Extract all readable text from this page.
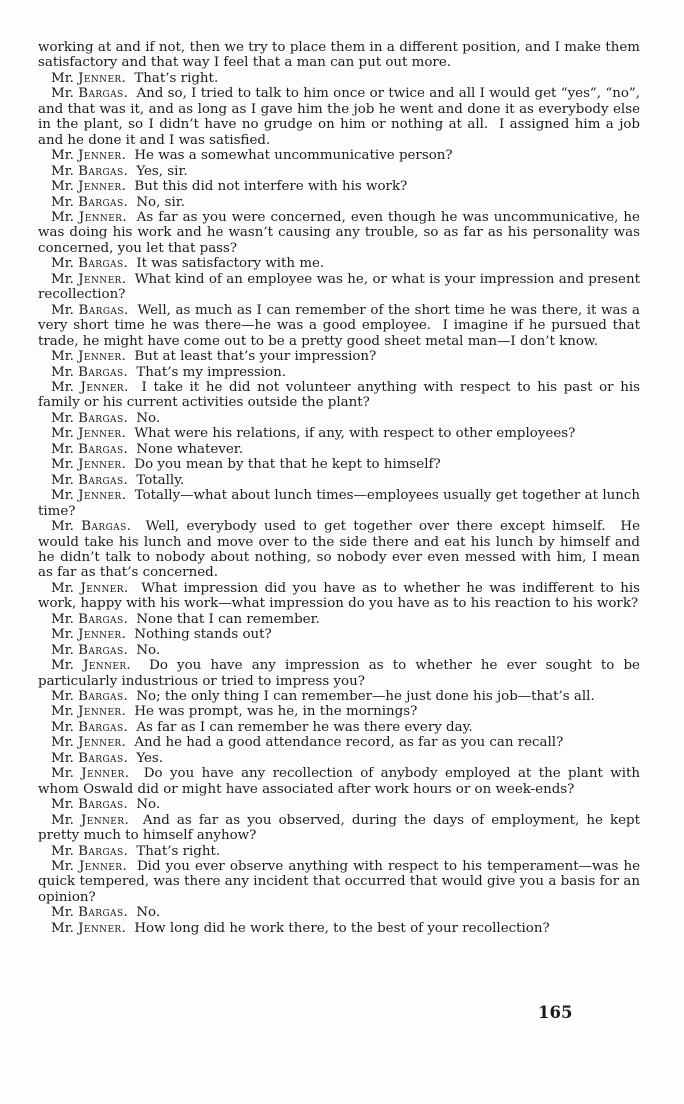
working at and if not, then we try to place them in a different position, and I make them satisfactory and that way I feel that a man can put out more.

Mr. Jenner.  That’s right.

Mr. Bargas.  And so, I tried to talk to him once or twice and all I would get “yes”, “no”, and that was it, and as long as I gave him the job he went and done it as everybody else in the plant, so I didn’t have no grudge on him or nothing at all.  I assigned him a job and he done it and I was satisfied.

Mr. Jenner.  He was a somewhat uncommunicative person?

Mr. Bargas.  Yes, sir.

Mr. Jenner.  But this did not interfere with his work?

Mr. Bargas.  No, sir.

Mr. Jenner.  As far as you were concerned, even though he was uncommunicative, he was doing his work and he wasn’t causing any trouble, so as far as his personality was concerned, you let that pass?

Mr. Bargas.  It was satisfactory with me.

Mr. Jenner.  What kind of an employee was he, or what is your impression and present recollection?

Mr. Bargas.  Well, as much as I can remember of the short time he was there, it was a very short time he was there—he was a good employee.  I imagine if he pursued that trade, he might have come out to be a pretty good sheet metal man—I don’t know.

Mr. Jenner.  But at least that’s your impression?

Mr. Bargas.  That’s my impression.

Mr. Jenner.  I take it he did not volunteer anything with respect to his past or his family or his current activities outside the plant?

Mr. Bargas.  No.

Mr. Jenner.  What were his relations, if any, with respect to other employees?

Mr. Bargas.  None whatever.

Mr. Jenner.  Do you mean by that that he kept to himself?

Mr. Bargas.  Totally.

Mr. Jenner.  Totally—what about lunch times—employees usually get together at lunch time?

Mr. Bargas.  Well, everybody used to get together over there except himself.  He would take his lunch and move over to the side there and eat his lunch by himself and he didn’t talk to nobody about nothing, so nobody ever even messed with him, I mean as far as that’s concerned.

Mr. Jenner.  What impression did you have as to whether he was indifferent to his work, happy with his work—what impression do you have as to his reaction to his work?

Mr. Bargas.  None that I can remember.

Mr. Jenner.  Nothing stands out?

Mr. Bargas.  No.

Mr. Jenner.  Do you have any impression as to whether he ever sought to be particularly industrious or tried to impress you?

Mr. Bargas.  No; the only thing I can remember—he just done his job—that’s all.

Mr. Jenner.  He was prompt, was he, in the mornings?

Mr. Bargas.  As far as I can remember he was there every day.

Mr. Jenner.  And he had a good attendance record, as far as you can recall?

Mr. Bargas.  Yes.

Mr. Jenner.  Do you have any recollection of anybody employed at the plant with whom Oswald did or might have associated after work hours or on week-ends?

Mr. Bargas.  No.

Mr. Jenner.  And as far as you observed, during the days of employment, he kept pretty much to himself anyhow?

Mr. Bargas.  That’s right.

Mr. Jenner.  Did you ever observe anything with respect to his temperament—was he quick tempered, was there any incident that occurred that would give you a basis for an opinion?

Mr. Bargas.  No.

Mr. Jenner.  How long did he work there, to the best of your recollection?

165
